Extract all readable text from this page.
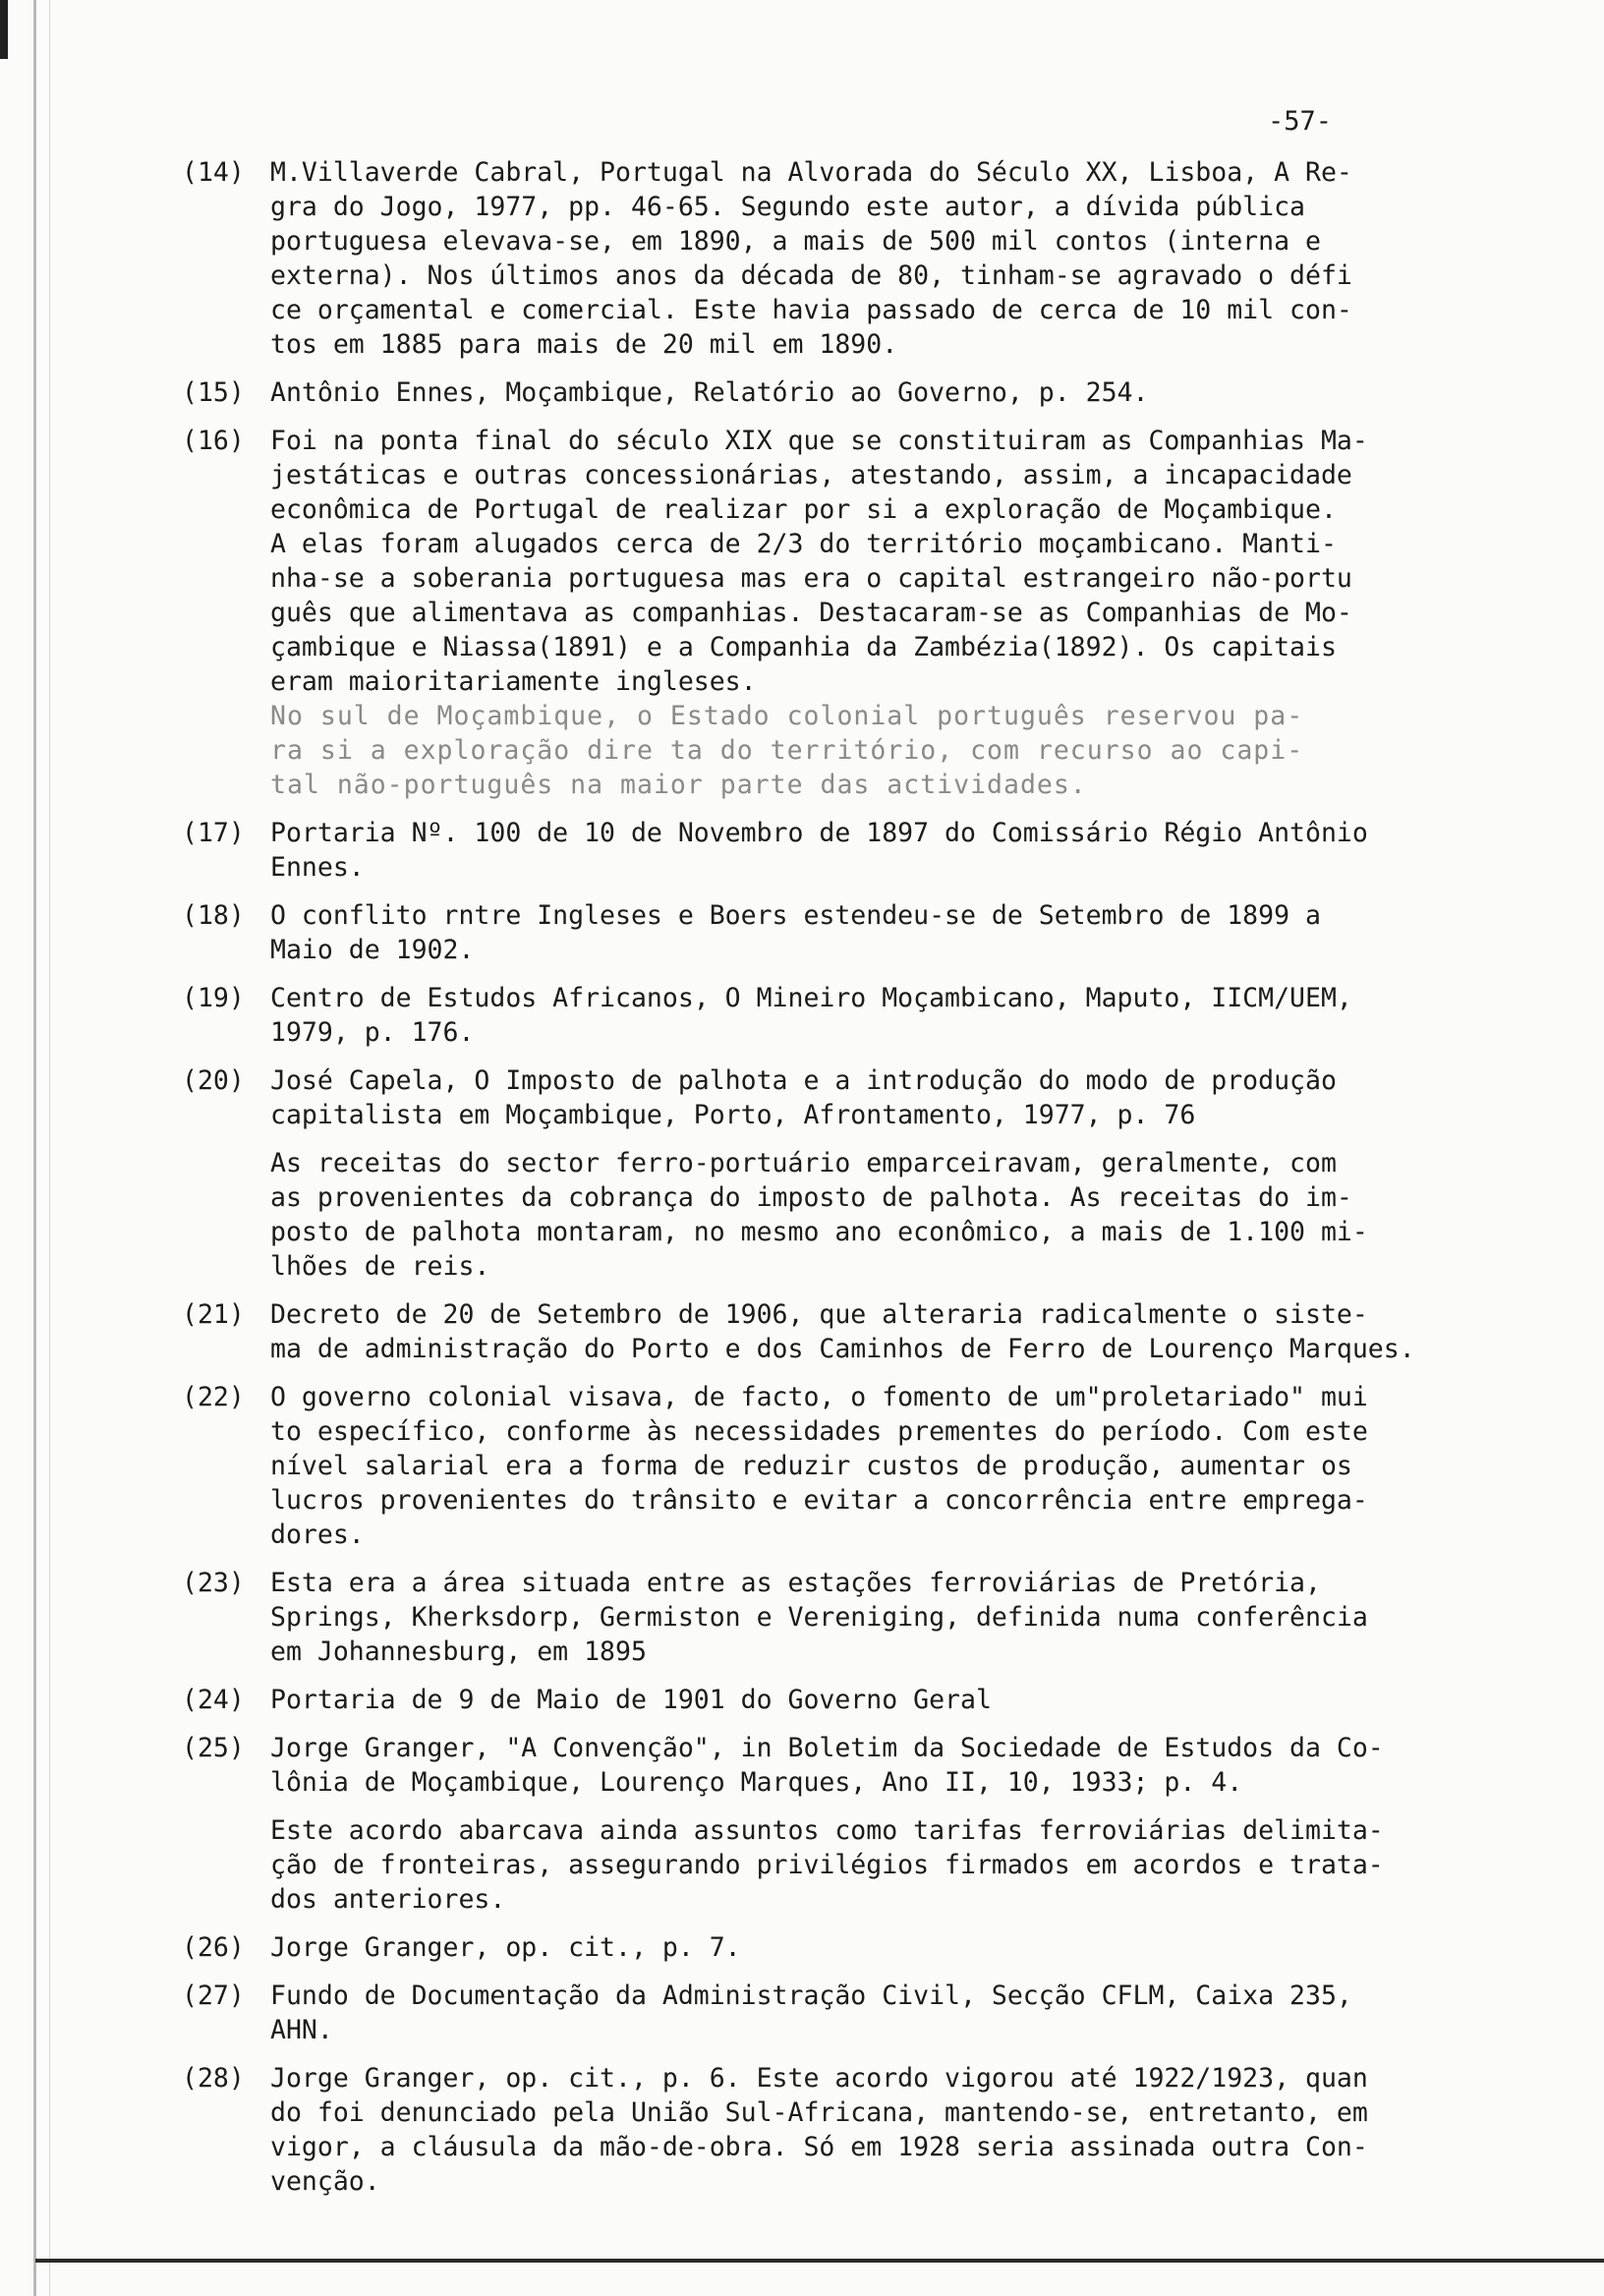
-57-
(14) M.Villaverde Cabral, Portugal na Alvorada do Século XX, Lisboa, A Re-
gra do Jogo, 1977, pp. 46-65. Segundo este autor, a dívida pública
portuguesa elevava-se, em 1890, a mais de 500 mil contos (interna e
externa). Nos últimos anos da década de 80, tinham-se agravado o défi
ce orçamental e comercial. Este havia passado de cerca de 10 mil con-
tos em 1885 para mais de 20 mil em 1890.
(15) Antônio Ennes, Moçambique, Relatório ao Governo, p. 254.
(16) Foi na ponta final do século XIX que se constituiram as Companhias Ma-
jestáticas e outras concessionárias, atestando, assim, a incapacidade
econômica de Portugal de realizar por si a exploração de Moçambique.
A elas foram alugados cerca de 2/3 do território moçambicano. Manti-
nha-se a soberania portuguesa mas era o capital estrangeiro não-portu
guês que alimentava as companhias. Destacaram-se as Companhias de Mo-
çambique e Niassa(1891) e a Companhia da Zambézia(1892). Os capitais
eram maioritariamente ingleses.
No sul de Moçambique, o Estado colonial português reservou pa-
ra si a exploração dire ta do território, com recurso ao capi-
tal não-português na maior parte das actividades.
(17) Portaria Nº. 100 de 10 de Novembro de 1897 do Comissário Régio Antônio
Ennes.
(18) O conflito rntre Ingleses e Boers estendeu-se de Setembro de 1899 a
Maio de 1902.
(19) Centro de Estudos Africanos, O Mineiro Moçambicano, Maputo, IICM/UEM,
1979, p. 176.
(20) José Capela, O Imposto de palhota e a introdução do modo de produção
capitalista em Moçambique, Porto, Afrontamento, 1977, p. 76
As receitas do sector ferro-portuário emparceiravam, geralmente, com
as provenientes da cobrança do imposto de palhota. As receitas do im-
posto de palhota montaram, no mesmo ano econômico, a mais de 1.100 mi-
lhões de reis.
(21) Decreto de 20 de Setembro de 1906, que alteraria radicalmente o siste-
ma de administração do Porto e dos Caminhos de Ferro de Lourenço Marques.
(22) O governo colonial visava, de facto, o fomento de um"proletariado" mui
to específico, conforme às necessidades prementes do período. Com este
nível salarial era a forma de reduzir custos de produção, aumentar os
lucros provenientes do trânsito e evitar a concorrência entre emprega-
dores.
(23) Esta era a área situada entre as estações ferroviárias de Pretória,
Springs, Kherksdorp, Germiston e Vereniging, definida numa conferência
em Johannesburg, em 1895
(24) Portaria de 9 de Maio de 1901 do Governo Geral
(25) Jorge Granger, "A Convenção", in Boletim da Sociedade de Estudos da Co-
lônia de Moçambique, Lourenço Marques, Ano II, 10, 1933; p. 4.
Este acordo abarcava ainda assuntos como tarifas ferroviárias delimita-
ção de fronteiras, assegurando privilégios firmados em acordos e trata-
dos anteriores.
(26) Jorge Granger, op. cit., p. 7.
(27) Fundo de Documentação da Administração Civil, Secção CFLM, Caixa 235,
AHN.
(28) Jorge Granger, op. cit., p. 6. Este acordo vigorou até 1922/1923, quan
do foi denunciado pela União Sul-Africana, mantendo-se, entretanto, em
vigor, a cláusula da mão-de-obra. Só em 1928 seria assinada outra Con-
venção.
